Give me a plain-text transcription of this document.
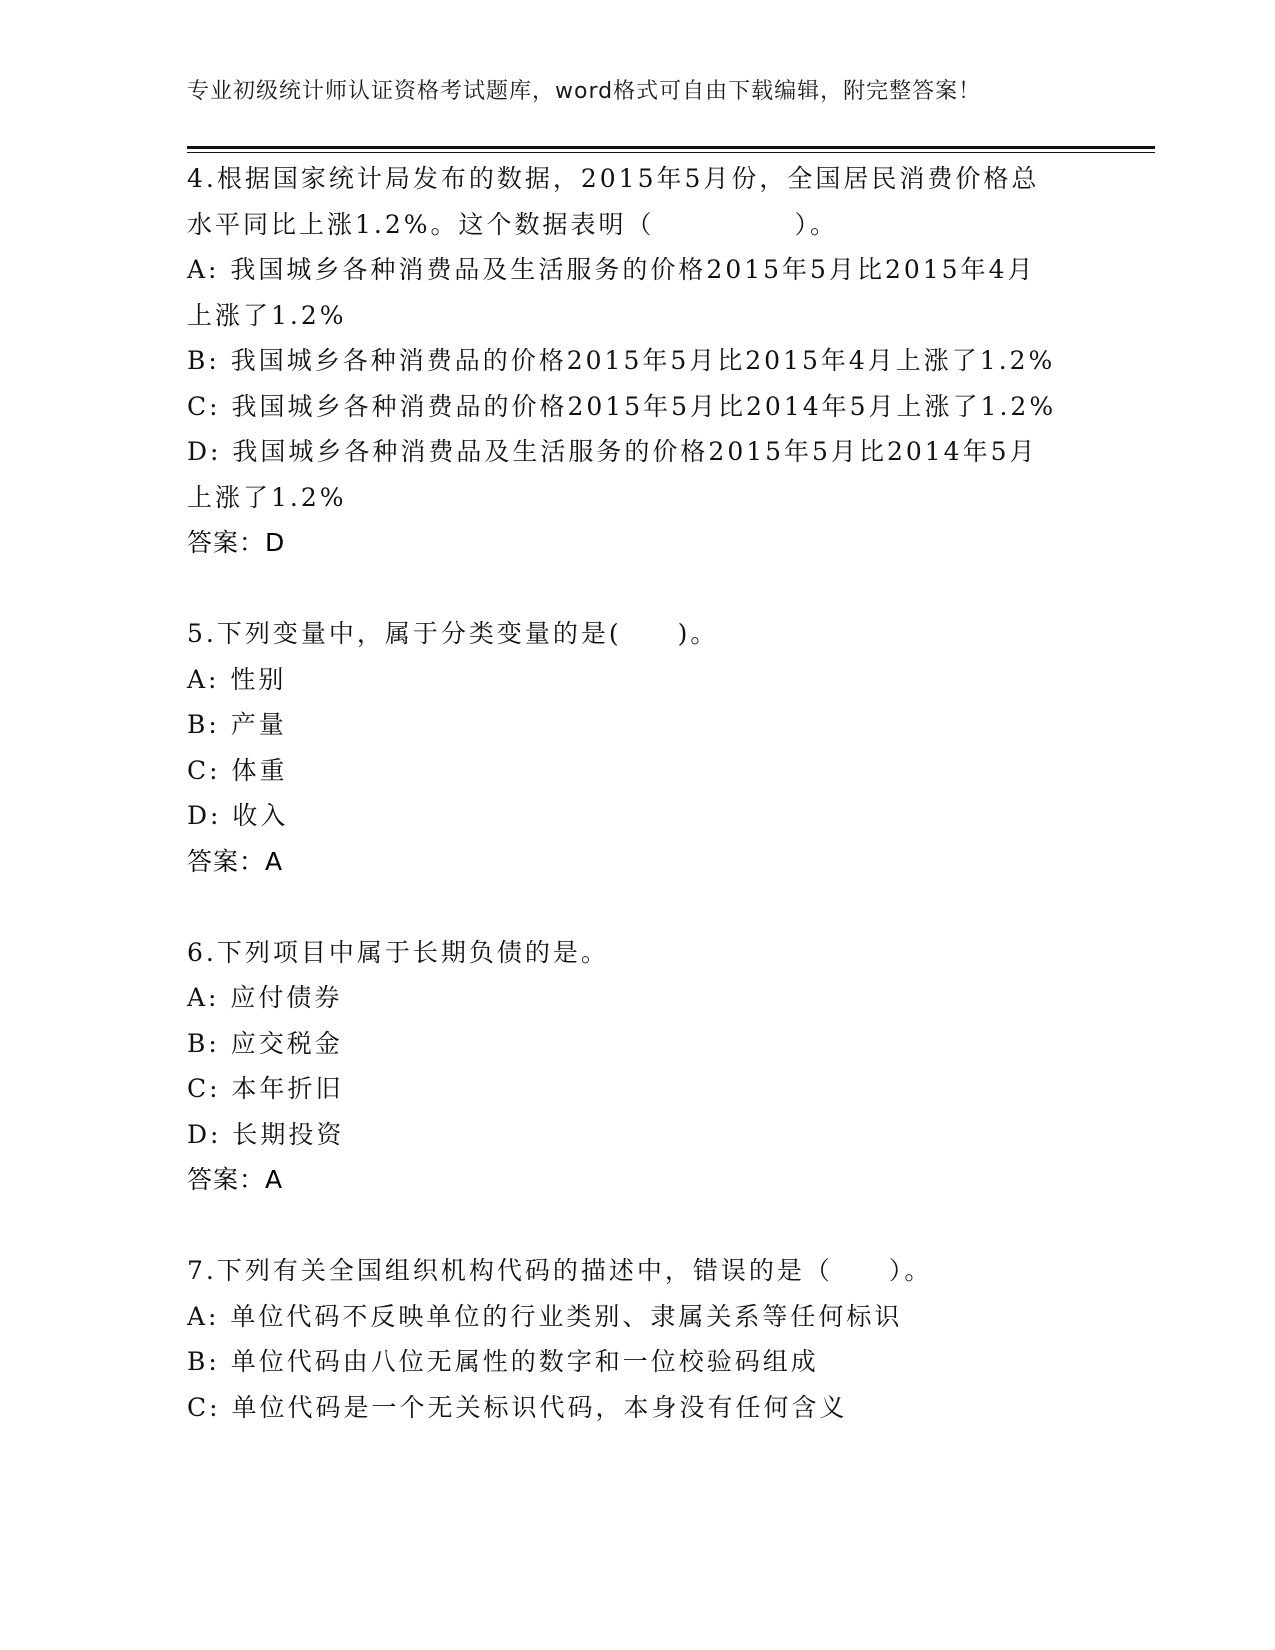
专业初级统计师认证资格考试题库，word格式可自由下载编辑，附完整答案！
4.根据国家统计局发布的数据，2015年5月份，全国居民消费价格总
水平同比上涨1.2%。这个数据表明（　　　　　）。
A: 我国城乡各种消费品及生活服务的价格2015年5月比2015年4月
上涨了1.2%
B: 我国城乡各种消费品的价格2015年5月比2015年4月上涨了1.2%
C: 我国城乡各种消费品的价格2015年5月比2014年5月上涨了1.2%
D: 我国城乡各种消费品及生活服务的价格2015年5月比2014年5月
上涨了1.2%
答案：D
5.下列变量中，属于分类变量的是(　　)。
A: 性别
B: 产量
C: 体重
D: 收入
答案：A
6.下列项目中属于长期负债的是。
A: 应付债券
B: 应交税金
C: 本年折旧
D: 长期投资
答案：A
7.下列有关全国组织机构代码的描述中，错误的是（　　）。
A: 单位代码不反映单位的行业类别、隶属关系等任何标识
B: 单位代码由八位无属性的数字和一位校验码组成
C: 单位代码是一个无关标识代码，本身没有任何含义
